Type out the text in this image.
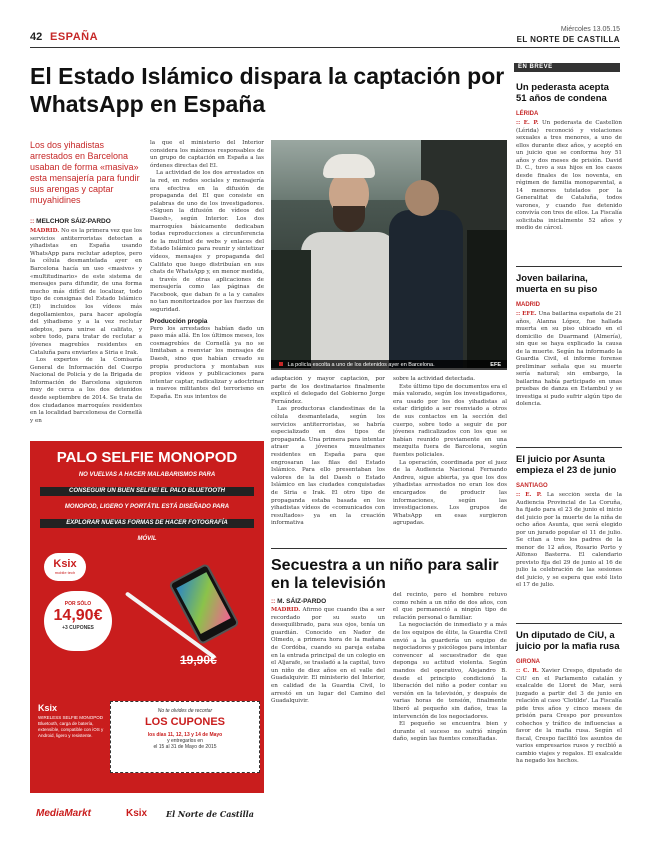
42 ESPAÑA
Miércoles 13.05.15
EL NORTE DE CASTILLA
El Estado Islámico dispara la captación por WhatsApp en España
Los dos yihadistas arrestados en Barcelona usaban de forma «masiva» esta mensajería para fundir sus arengas y captar muyahidines
:: MELCHOR SÁIZ-PARDO
MADRID. No es la primera vez que los servicios antiterroristas detectan a yihadistas en España usando WhatsApp para reclutar adeptos, pero la célula desmantelada ayer en Barcelona hacía un uso «masivo» y «multitudinario» de este sistema de mensajes para difundir, de una forma mucho más difícil de localizar, todo tipo de consignas del Estado Islámico (EI) incluidos los vídeos más degollamientos, para hacer apología del yihadismo y a la vez reclutar adeptos, para unirse al califato, y sobre todo, para tratar de reclutar a jóvenes magrebíes residentes en Cataluña para enviarles a Siria e Irak.

Los expertos de la Comisaría General de Información del Cuerpo Nacional de Policía y de la Brigada de Información de Barcelona siguieron muy de cerca a los dos detenidos desde septiembre de 2014. Se trata de dos ciudadanos marroquíes residentes en la localidad barcelonesa de Cornellà y en

la que el ministerio del Interior considera los máximos responsables de un grupo de captación en España a las órdenes directas del EI.

La actividad de los dos arrestados en la red, en redes sociales y mensajería era efectiva en la difusión de propaganda del EI que consiste en palabras de uno de los investigadores. «Siguen la difusión de vídeos del Daesh», según Interior. Los dos marroquíes básicamente dedicaban todas reproducciones a circunferencia de la multitud de webs y enlaces del Estado Islámico para reunir y sintetizar vídeos, mensajes y propaganda del Califato que luego distribuían en sus chats de WhatsApp y, en menor medida, a través de otras aplicaciones de mensajería como las páginas de Facebook, que daban fe a la y canales no tan monitorizados por las fuerzas de seguridad.

Producción propia

Pero los arrestados habían dado un paso más allá. En los últimos meses, los cosmagrebíes de Cornellà ya no se limitaban a reenviar los mensajes de Daesh, sino que habían creado su propia productora y montaban sus propios vídeos y publicaciones para intentar captar, radicalizar y adoctrinar a nuevos militantes del terrorismo en España. En sus intentos de

La policía escolta a uno de los detenidos ayer en Barcelona.	EFE

adaptación y mayor captación, por parte de los destinatarios finalmente explicó el delegado del Gobierno Jorge Fernández.

Las productoras clandestinas de la célula desmantelada, según los servicios antiterroristas, se habría especializado en dos tipos de propaganda. Una primera para intentar atraer a jóvenes musulmanes residentes en España para que engrosaran las filas del Estado Islámico. Para ello presentaban los valores de la del Daesh o Estado Islámico en las ciudades conquistadas de Siria e Irak. El otro tipo de propaganda estaba basada en los yihadistas vídeos de «comunicados con resultados» ya en la creación informativa

sobre la actividad detectada.

Este último tipo de documentos era el más valorado, según los investigadores, era usado por los dos yihadistas al estar dirigido a ser reenviado a otros de sus contactos en la sección del cuerpo, sobre todo a seguir de por jóvenes radicalizados con los que se habían reunido previamente en una mezquita fuera de Barcelona, según fuentes policiales.

La operación, coordinada por el juez de la Audiencia Nacional Fernando Andreu, sigue abierta, ya que los dos yihadistas arrestados no eran los dos encargados de producir las informaciones, según las investigaciones. Los grupos de WhatsApp en esas surgieron agrupadas.

PALO SELFIE MONOPOD
NO VUELVAS A HACER MALABARISMOS PARA
CONSEGUIR UN BUEN SELFIE! EL PALO BLUETOOTH
MONOPOD, LIGERO Y PORTÁTIL ESTÁ DISEÑADO PARA
EXPLORAR NUEVAS FORMAS DE HACER FOTOGRAFÍA
MÓVIL
Ksix
mobile tech
POR SÓLO
14,90€
+3 CUPONES
19,90€
Ksix
WIRELESS SELFIE MONOPOD Bluetooth, carga de batería, extensible, compatible con iOS y Android, ligero y resistente.
No te olvides de recortar
LOS CUPONES
los días 11, 12, 13 y 14 de Mayo
y entregarlos en
el 15 al 31 de Mayo de 2015
MediaMarkt	Ksix El Norte de Castilla
Secuestra a un niño para salir en la televisión
:: M. SÁIZ-PARDO
MADRID. Afirmó que cuando iba a ser recordado por su susto un desequilibrado, para sus ojos, tenía un guardián. Conocido en Nador de Olmedo, a primera hora de la mañana de Cordóba, cuando su pareja estaba en la entrada principal de un colegio en el Aljarafe, se trasladó a la capital, tuvo un niño de diez años en el valle del Guadalquivir. El ministerio del Interior, en calidad de la Guardia Civil, lo arrestó en un lugar del Camino del Guadalquivir.

del recinto, pero el hombre retuvo como rehén a un niño de dos años, con el que permaneció a ningún tipo de relación personal o familiar.

La negociación de inmediato y a más de los equipos de élite, la Guardia Civil envió a la guardería un equipo de negociadores y psicólogos para intentar convencer al secuestrador de que deponga su actitud violenta. Según mandos del operativo, Alejandro B. desde el principio condicionó la liberación del niño a poder contar su versión en la televisión, y después de varias horas de tensión, finalmente liberó al pequeño sin daños, tras la intervención de los negociadores.

El pequeño se encuentra bien y durante el suceso no sufrió ningún daño, según las fuentes consultadas.

EN BREVE
Un pederasta acepta 51 años de condena
LÉRIDA
:: E. P. Un pederasta de Castellón (Lérida) reconoció y violaciones sexuales a tres menores, a uno de ellos durante diez años, y aceptó en un juicio que se conforma hoy 51 años y dos meses de prisión. David D. C., tuvo a sus hijos en los casos desde finales de los noventa, en régimen de familia monoparental, a 14 menores tutelados por la Generalitat de Cataluña, todos varones, y cuando fue detenido convivía con tres de ellos. La Fiscalía solicitaba inicialmente 52 años y medio de cárcel.
Joven bailarina, muerta en su piso
MADRID
:: EFE. Una bailarina española de 21 años, Alanna López, fue hallada muerta en su piso ubicado en el domicilio de Duarmand (Almería), sin que se haya explicado la causa de la muerte. Según ha informado la Guardia Civil, el informe forense preliminar señala que su muerte sería natural; sin embargo, la bailarina había participado en unas pruebas de danza en Estambul y se investiga si pudo sufrir algún tipo de dolencia.
El juicio por Asunta empieza el 23 de junio
SANTIAGO
:: E. P. La sección sexta de la Audiencia Provincial de La Coruña, ha fijado para el 23 de junio el inicio del juicio por la muerte de la niña de ocho años Asunta, que será elegido por un jurado popular el 11 de julio. Se citan a tres los padres de la menor de 12 años, Rosario Porto y Alfonso Basterra. El calendario previsto fija del 29 de junio al 16 de julio la celebración de las sesiones del juicio, y se espera que esté listo el 17 de julio.
Un diputado de CiU, a juicio por la mafia rusa
GIRONA
:: C. R. Xavier Crespo, diputado de CiU en el Parlamento catalán y exalcalde de Lloret de Mar, será juzgado a partir del 3 de junio en relación al caso 'Clotilde'. La Fiscalía pide tres años y cinco meses de prisión para Crespo por presuntos cohechos y tráfico de influencias a favor de la mafia rusa. Según el fiscal, Crespo facilitó los asuntos de varios empresarios rusos y recibió a cambio viajes y regalos. El exalcalde ha negado los hechos.
